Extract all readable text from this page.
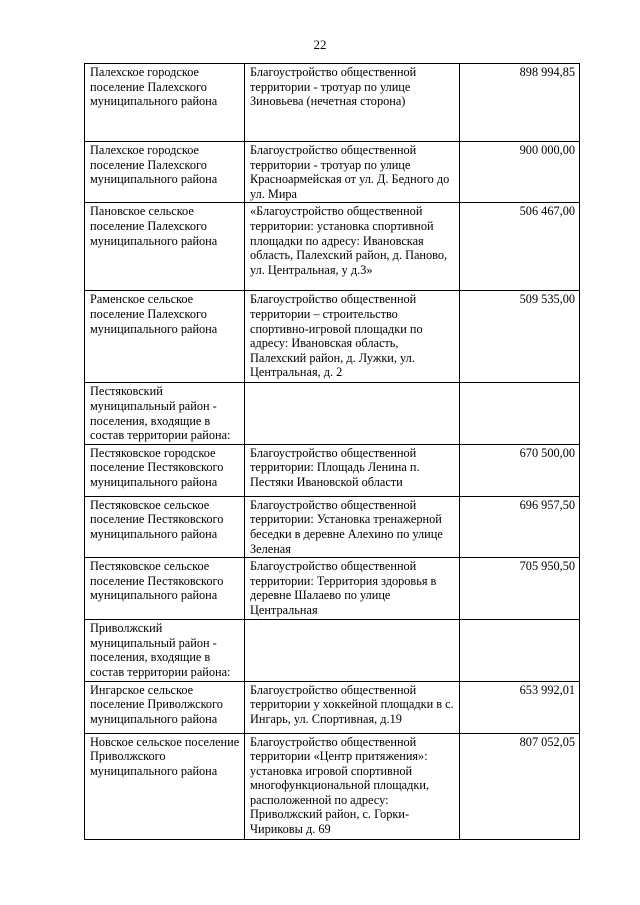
22
Палехское городское поселение Палехского муниципального района	Благоустройство общественной территории - тротуар по улице Зиновьева (нечетная сторона)	898 994,85
Палехское городское поселение Палехского муниципального района	Благоустройство общественной территории - тротуар по улице Красноармейская от ул. Д. Бедного до ул. Мира	900 000,00
Пановское сельское поселение Палехского муниципального района	«Благоустройство общественной территории: установка спортивной площадки по адресу: Ивановская область, Палехский район, д. Паново, ул. Центральная, у д.3»	506 467,00
Раменское сельское поселение Палехского муниципального района	Благоустройство общественной территории – строительство спортивно-игровой площадки по адресу: Ивановская область, Палехский район, д. Лужки, ул. Центральная, д. 2	509 535,00
Пестяковский муниципальный район - поселения, входящие в состав территории района:		
Пестяковское городское поселение Пестяковского муниципального района	Благоустройство общественной территории: Площадь Ленина п. Пестяки Ивановской области	670 500,00
Пестяковское сельское поселение Пестяковского муниципального района	Благоустройство общественной территории: Установка тренажерной беседки в деревне Алехино по улице Зеленая	696 957,50
Пестяковское сельское поселение Пестяковского муниципального района	Благоустройство общественной территории: Территория здоровья в деревне Шалаево по улице Центральная	705 950,50
Приволжский муниципальный район - поселения, входящие в состав территории района:		
Ингарское сельское поселение Приволжского муниципального района	Благоустройство общественной территории у хоккейной площадки в с. Ингарь, ул. Спортивная, д.19	653 992,01
Новское сельское поселение Приволжского муниципального района	Благоустройство общественной территории «Центр притяжения»: установка игровой спортивной многофункциональной площадки, расположенной по адресу: Приволжский район, с. Горки-Чириковы д. 69	807 052,05
